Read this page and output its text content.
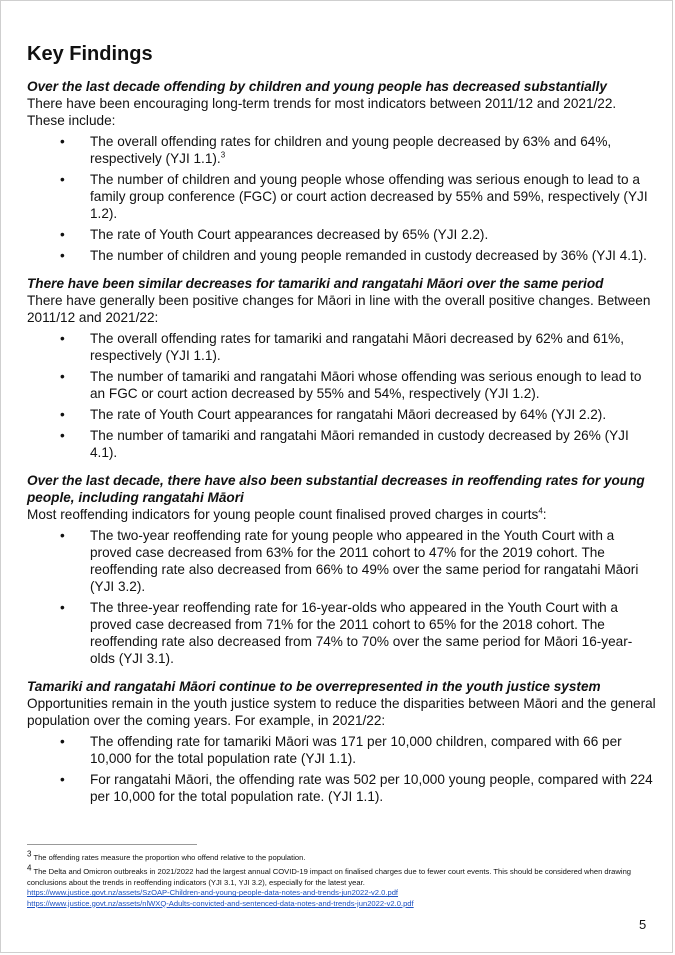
Key Findings

Over the last decade offending by children and young people has decreased substantially

There have been encouraging long-term trends for most indicators between 2011/12 and 2021/22. These include:

• The overall offending rates for children and young people decreased by 63% and 64%, respectively (YJI 1.1).$^3$
• The number of children and young people whose offending was serious enough to lead to a family group conference (FGC) or court action decreased by 55% and 59%, respectively (YJI 1.2).
• The rate of Youth Court appearances decreased by 65% (YJI 2.2).
• The number of children and young people remanded in custody decreased by 36% (YJI 4.1).

There have been similar decreases for tamariki and rangatahi Māori over the same period

There have generally been positive changes for Māori in line with the overall positive changes. Between 2011/12 and 2021/22:

• The overall offending rates for tamariki and rangatahi Māori decreased by 62% and 61%, respectively (YJI 1.1).
• The number of tamariki and rangatahi Māori whose offending was serious enough to lead to an FGC or court action decreased by 55% and 54%, respectively (YJI 1.2).
• The rate of Youth Court appearances for rangatahi Māori decreased by 64% (YJI 2.2).
• The number of tamariki and rangatahi Māori remanded in custody decreased by 26% (YJI 4.1).

Over the last decade, there have also been substantial decreases in reoffending rates for young people, including rangatahi Māori

Most reoffending indicators for young people count finalised proved charges in courts$^4$:

• The two-year reoffending rate for young people who appeared in the Youth Court with a proved case decreased from 63% for the 2011 cohort to 47% for the 2019 cohort. The reoffending rate also decreased from 66% to 49% over the same period for rangatahi Māori (YJI 3.2).
• The three-year reoffending rate for 16-year-olds who appeared in the Youth Court with a proved case decreased from 71% for the 2011 cohort to 65% for the 2018 cohort. The reoffending rate also decreased from 74% to 70% over the same period for Māori 16-year-olds (YJI 3.1).

Tamariki and rangatahi Māori continue to be overrepresented in the youth justice system

Opportunities remain in the youth justice system to reduce the disparities between Māori and the general population over the coming years. For example, in 2021/22:

• The offending rate for tamariki Māori was 171 per 10,000 children, compared with 66 per 10,000 for the total population rate (YJI 1.1).
• For rangatahi Māori, the offending rate was 502 per 10,000 young people, compared with 224 per 10,000 for the total population rate. (YJI 1.1).
$^3$ The offending rates measure the proportion who offend relative to the population.
$^4$ The Delta and Omicron outbreaks in 2021/2022 had the largest annual COVID-19 impact on finalised charges due to fewer court events. This should be considered when drawing conclusions about the trends in reoffending indicators (YJI 3.1, YJI 3.2), especially for the latest year.
https://www.justice.govt.nz/assets/SzOAP-Children-and-young-people-data-notes-and-trends-jun2022-v2.0.pdf
https://www.justice.govt.nz/assets/nlWXQ-Adults-convicted-and-sentenced-data-notes-and-trends-jun2022-v2.0.pdf
5
